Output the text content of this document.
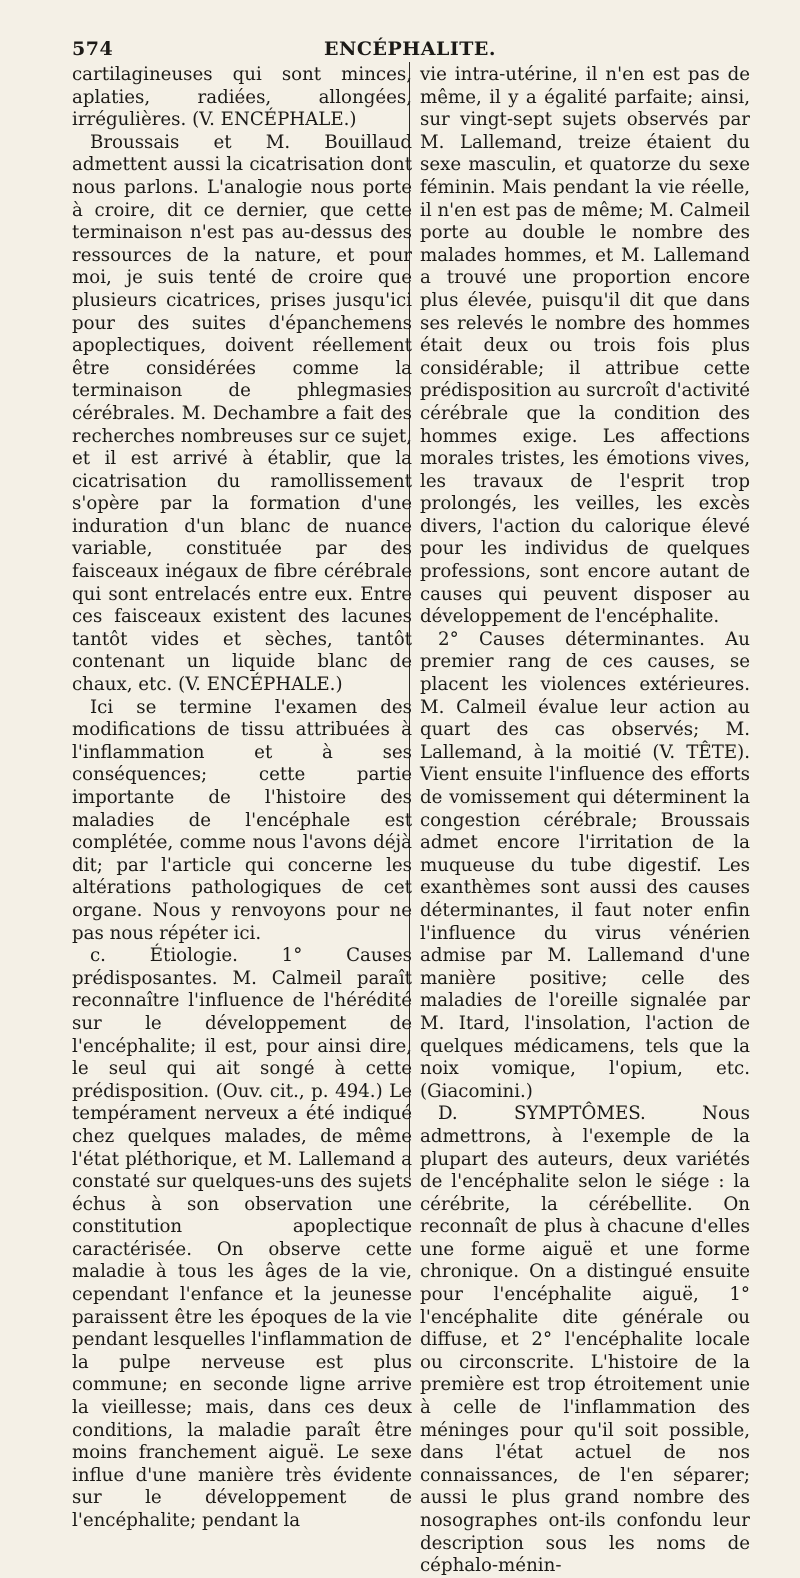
574	ENCÉPHALITE.

cartilagineuses qui sont minces, aplaties, radiées, allongées, irrégulières. (V. ENCÉPHALE.)

Broussais et M. Bouillaud admettent aussi la cicatrisation dont nous parlons. L'analogie nous porte à croire, dit ce dernier, que cette terminaison n'est pas au-dessus des ressources de la nature, et pour moi, je suis tenté de croire que plusieurs cicatrices, prises jusqu'ici pour des suites d'épanchemens apoplectiques, doivent réellement être considérées comme la terminaison de phlegmasies cérébrales. M. Dechambre a fait des recherches nombreuses sur ce sujet, et il est arrivé à établir, que la cicatrisation du ramollissement s'opère par la formation d'une induration d'un blanc de nuance variable, constituée par des faisceaux inégaux de fibre cérébrale qui sont entrelacés entre eux. Entre ces faisceaux existent des lacunes tantôt vides et sèches, tantôt contenant un liquide blanc de chaux, etc. (V. ENCÉPHALE.)

Ici se termine l'examen des modifications de tissu attribuées à l'inflammation et à ses conséquences; cette partie importante de l'histoire des maladies de l'encéphale est complétée, comme nous l'avons déjà dit; par l'article qui concerne les altérations pathologiques de cet organe. Nous y renvoyons pour ne pas nous répéter ici.

c. Étiologie. 1° Causes prédisposantes. M. Calmeil paraît reconnaître l'influence de l'hérédité sur le développement de l'encéphalite; il est, pour ainsi dire, le seul qui ait songé à cette prédisposition. (Ouv. cit., p. 494.) Le tempérament nerveux a été indiqué chez quelques malades, de même l'état pléthorique, et M. Lallemand a constaté sur quelques-uns des sujets échus à son observation une constitution apoplectique caractérisée. On observe cette maladie à tous les âges de la vie, cependant l'enfance et la jeunesse paraissent être les époques de la vie pendant lesquelles l'inflammation de la pulpe nerveuse est plus commune; en seconde ligne arrive la vieillesse; mais, dans ces deux conditions, la maladie paraît être moins franchement aiguë. Le sexe influe d'une manière très évidente sur le développement de l'encéphalite; pendant la

vie intra-utérine, il n'en est pas de même, il y a égalité parfaite; ainsi, sur vingt-sept sujets observés par M. Lallemand, treize étaient du sexe masculin, et quatorze du sexe féminin. Mais pendant la vie réelle, il n'en est pas de même; M. Calmeil porte au double le nombre des malades hommes, et M. Lallemand a trouvé une proportion encore plus élevée, puisqu'il dit que dans ses relevés le nombre des hommes était deux ou trois fois plus considérable; il attribue cette prédisposition au surcroît d'activité cérébrale que la condition des hommes exige. Les affections morales tristes, les émotions vives, les travaux de l'esprit trop prolongés, les veilles, les excès divers, l'action du calorique élevé pour les individus de quelques professions, sont encore autant de causes qui peuvent disposer au développement de l'encéphalite.

2° Causes déterminantes. Au premier rang de ces causes, se placent les violences extérieures. M. Calmeil évalue leur action au quart des cas observés; M. Lallemand, à la moitié (V. TÊTE). Vient ensuite l'influence des efforts de vomissement qui déterminent la congestion cérébrale; Broussais admet encore l'irritation de la muqueuse du tube digestif. Les exanthèmes sont aussi des causes déterminantes, il faut noter enfin l'influence du virus vénérien admise par M. Lallemand d'une manière positive; celle des maladies de l'oreille signalée par M. Itard, l'insolation, l'action de quelques médicamens, tels que la noix vomique, l'opium, etc. (Giacomini.)

D. SYMPTÔMES. Nous admettrons, à l'exemple de la plupart des auteurs, deux variétés de l'encéphalite selon le siége : la cérébrite, la cérébellite. On reconnaît de plus à chacune d'elles une forme aiguë et une forme chronique. On a distingué ensuite pour l'encéphalite aiguë, 1° l'encéphalite dite générale ou diffuse, et 2° l'encéphalite locale ou circonscrite. L'histoire de la première est trop étroitement unie à celle de l'inflammation des méninges pour qu'il soit possible, dans l'état actuel de nos connaissances, de l'en séparer; aussi le plus grand nombre des nosographes ont-ils confondu leur description sous les noms de céphalo-ménin-
